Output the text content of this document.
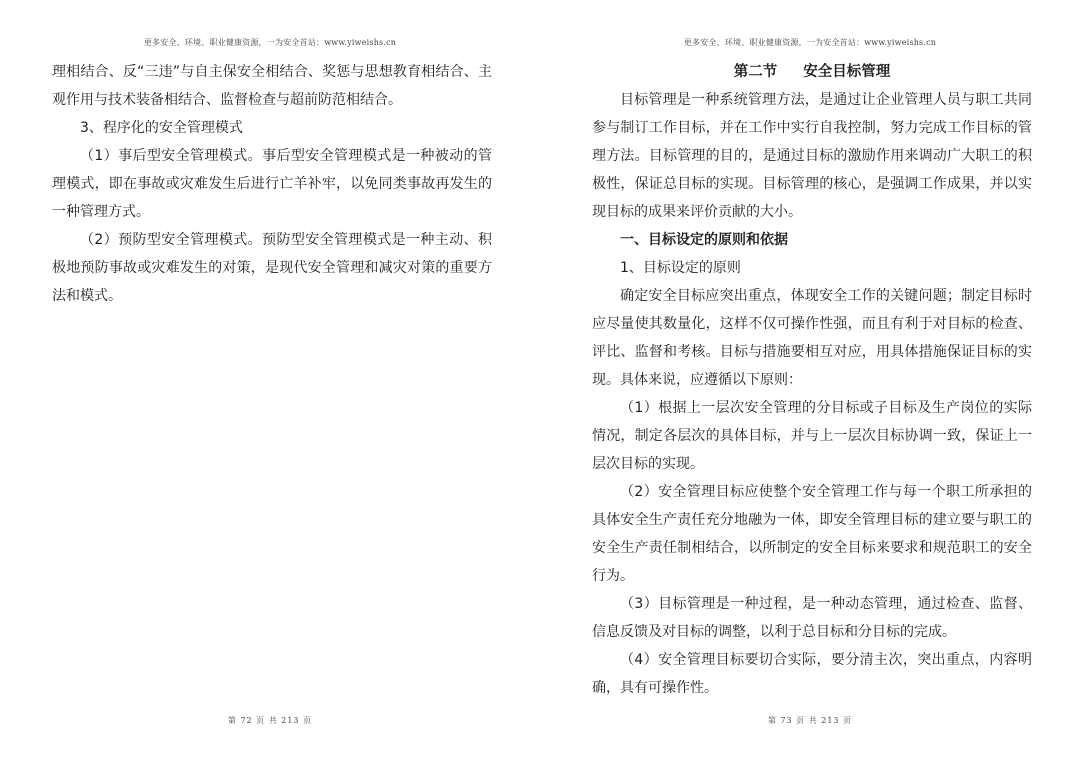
更多安全、环境、职业健康资源，一为安全首站：www.yiweishs.cn

理相结合、反“三违”与自主保安全相结合、奖惩与思想教育相结合、主观作用与技术装备相结合、监督检查与超前防范相结合。

3、程序化的安全管理模式

（1）事后型安全管理模式。事后型安全管理模式是一种被动的管理模式，即在事故或灾难发生后进行亡羊补牢，以免同类事故再发生的一种管理方式。

（2）预防型安全管理模式。预防型安全管理模式是一种主动、积极地预防事故或灾难发生的对策，是现代安全管理和减灾对策的重要方法和模式。

第 72 页 共 213 页
更多安全、环境、职业健康资源，一为安全首站：www.yiweishs.cn
第二节 安全目标管理

目标管理是一种系统管理方法，是通过让企业管理人员与职工共同参与制订工作目标，并在工作中实行自我控制，努力完成工作目标的管理方法。目标管理的目的，是通过目标的激励作用来调动广大职工的积极性，保证总目标的实现。目标管理的核心，是强调工作成果，并以实现目标的成果来评价贡献的大小。

一、目标设定的原则和依据

1、目标设定的原则

确定安全目标应突出重点，体现安全工作的关键问题；制定目标时应尽量使其数量化，这样不仅可操作性强，而且有利于对目标的检查、评比、监督和考核。目标与措施要相互对应，用具体措施保证目标的实现。具体来说，应遵循以下原则：

（1）根据上一层次安全管理的分目标或子目标及生产岗位的实际情况，制定各层次的具体目标，并与上一层次目标协调一致，保证上一层次目标的实现。

（2）安全管理目标应使整个安全管理工作与每一个职工所承担的具体安全生产责任充分地融为一体，即安全管理目标的建立要与职工的安全生产责任制相结合，以所制定的安全目标来要求和规范职工的安全行为。

（3）目标管理是一种过程，是一种动态管理，通过检查、监督、信息反馈及对目标的调整，以利于总目标和分目标的完成。

（4）安全管理目标要切合实际，要分清主次，突出重点，内容明确，具有可操作性。

第 73 页 共 213 页
